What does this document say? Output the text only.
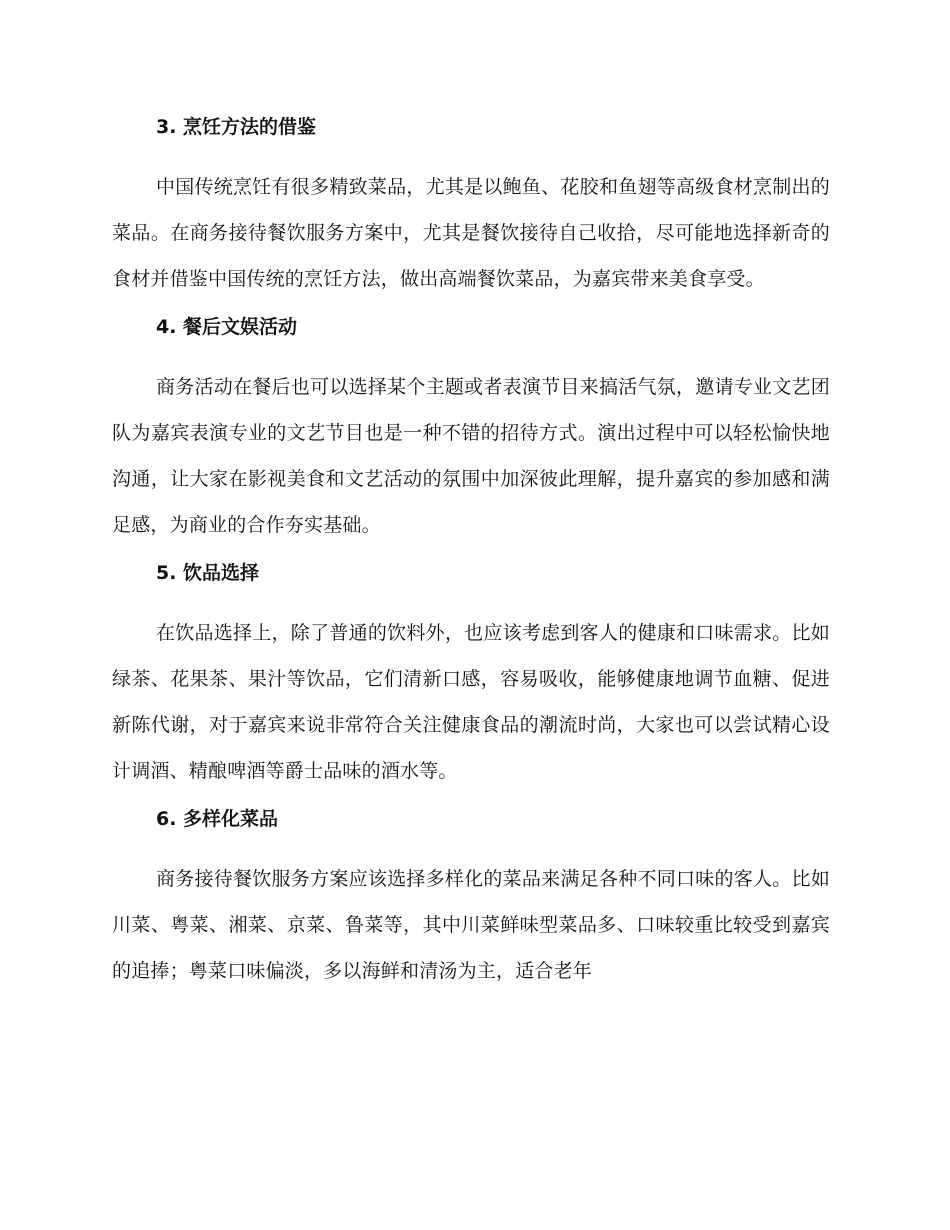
3. 烹饪方法的借鉴

中国传统烹饪有很多精致菜品，尤其是以鲍鱼、花胶和鱼翅等高级食材烹制出的菜品。在商务接待餐饮服务方案中，尤其是餐饮接待自己收拾，尽可能地选择新奇的食材并借鉴中国传统的烹饪方法，做出高端餐饮菜品，为嘉宾带来美食享受。

4. 餐后文娱活动

商务活动在餐后也可以选择某个主题或者表演节目来搞活气氛，邀请专业文艺团队为嘉宾表演专业的文艺节目也是一种不错的招待方式。演出过程中可以轻松愉快地沟通，让大家在影视美食和文艺活动的氛围中加深彼此理解，提升嘉宾的参加感和满足感，为商业的合作夯实基础。

5. 饮品选择

在饮品选择上，除了普通的饮料外，也应该考虑到客人的健康和口味需求。比如绿茶、花果茶、果汁等饮品，它们清新口感，容易吸收，能够健康地调节血糖、促进新陈代谢，对于嘉宾来说非常符合关注健康食品的潮流时尚，大家也可以尝试精心设计调酒、精酿啤酒等爵士品味的酒水等。

6. 多样化菜品

商务接待餐饮服务方案应该选择多样化的菜品来满足各种不同口味的客人。比如川菜、粤菜、湘菜、京菜、鲁菜等，其中川菜鲜味型菜品多、口味较重比较受到嘉宾的追捧；粤菜口味偏淡，多以海鲜和清汤为主，适合老年
